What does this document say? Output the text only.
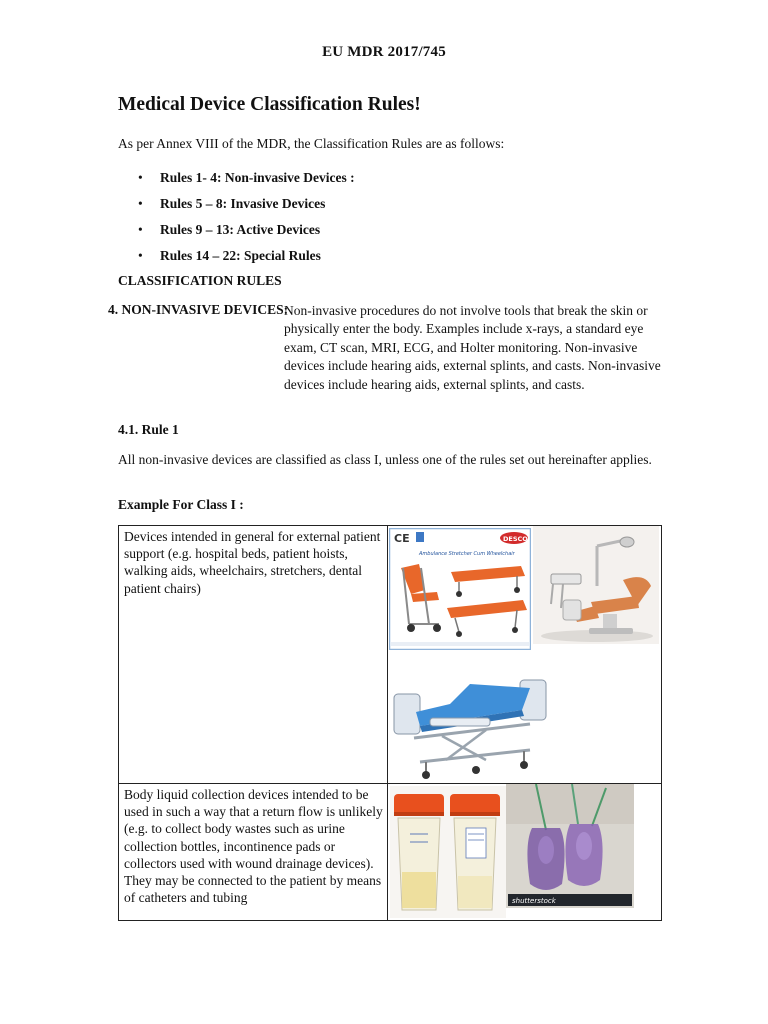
EU MDR 2017/745
Medical Device Classification Rules!
As per Annex VIII of the MDR, the Classification Rules are as follows:
• Rules 1- 4: Non-invasive Devices :
• Rules 5 – 8: Invasive Devices
• Rules 9 – 13: Active Devices
• Rules 14 – 22: Special Rules
CLASSIFICATION RULES
4. NON-INVASIVE DEVICES:
Non-invasive procedures do not involve tools that break the skin or physically enter the body. Examples include x-rays, a standard eye exam, CT scan, MRI, ECG, and Holter monitoring. Non-invasive devices include hearing aids, external splints, and casts. Non-invasive devices include hearing aids, external splints, and casts.
4.1. Rule 1
All non-invasive devices are classified as class I, unless one of the rules set out hereinafter applies.
Example For Class I :
Devices intended in general for external patient support (e.g. hospital beds, patient hoists, walking aids, wheelchairs, stretchers, dental patient chairs)	CE DESCO
Ambulance Stretcher Cum Wheelchair

Body liquid collection devices intended to be used in such a way that a return flow is unlikely (e.g. to collect body wastes such as urine collection bottles, incontinence pads or collectors used with wound drainage devices). They may be connected to the patient by means of catheters and tubing	shutterstock
